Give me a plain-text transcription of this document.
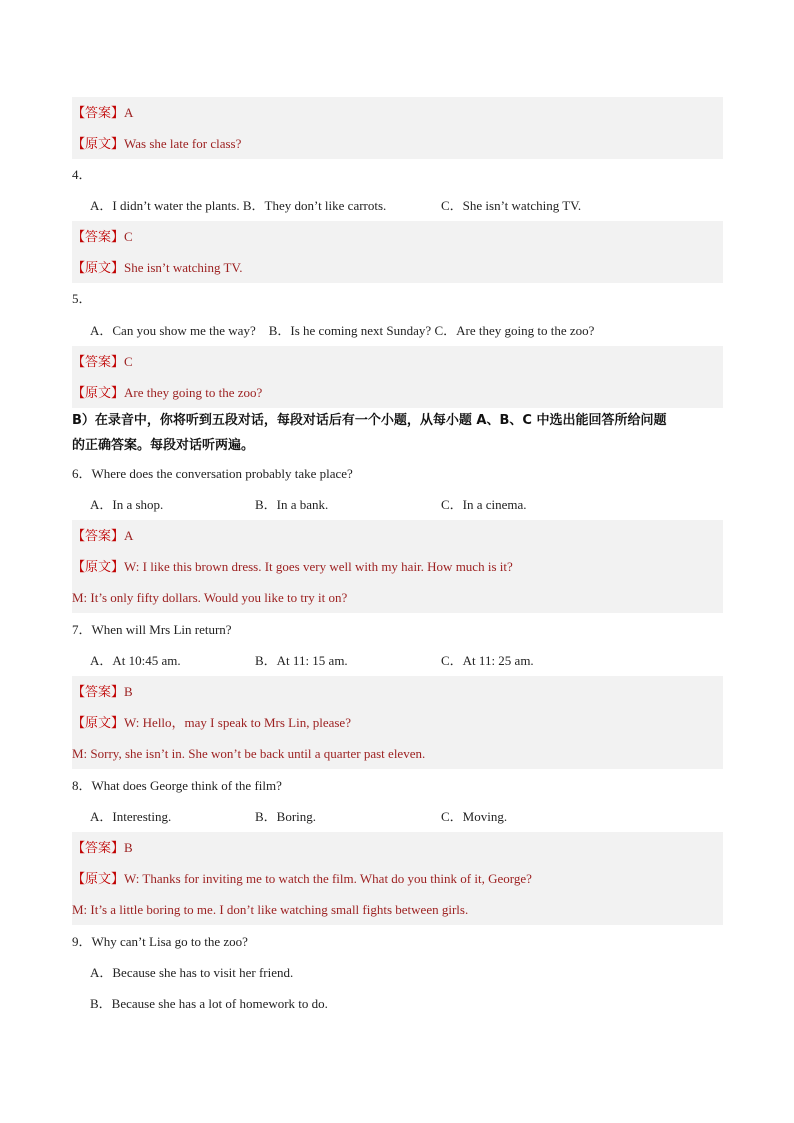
【答案】A
【原文】Was she late for class?
4．
A．I didn’t water the plants. B．They don’t like carrots.	C．She isn’t watching TV.
【答案】C
【原文】She isn’t watching TV.
5．
A．Can you show me the way?　B．Is he coming next Sunday? C．Are they going to the zoo?
【答案】C
【原文】Are they going to the zoo?
B）在录音中，你将听到五段对话，每段对话后有一个小题，从每小题 A、B、C 中选出能回答所给问题
的正确答案。每段对话听两遍。
6．Where does the conversation probably take place?
A．In a shop.	B．In a bank.	C．In a cinema.
【答案】A
【原文】W: I like this brown dress. It goes very well with my hair. How much is it?
M: It’s only fifty dollars. Would you like to try it on?
7．When will Mrs Lin return?
A．At 10:45 am.	B．At 11: 15 am.	C．At 11: 25 am.
【答案】B
【原文】W: Hello，may I speak to Mrs Lin, please?
M: Sorry, she isn’t in. She won’t be back until a quarter past eleven.
8．What does George think of the film?
A．Interesting.	B．Boring.	C．Moving.
【答案】B
【原文】W: Thanks for inviting me to watch the film. What do you think of it, George?
M: It’s a little boring to me. I don’t like watching small fights between girls.
9．Why can’t Lisa go to the zoo?
A．Because she has to visit her friend.
B．Because she has a lot of homework to do.
